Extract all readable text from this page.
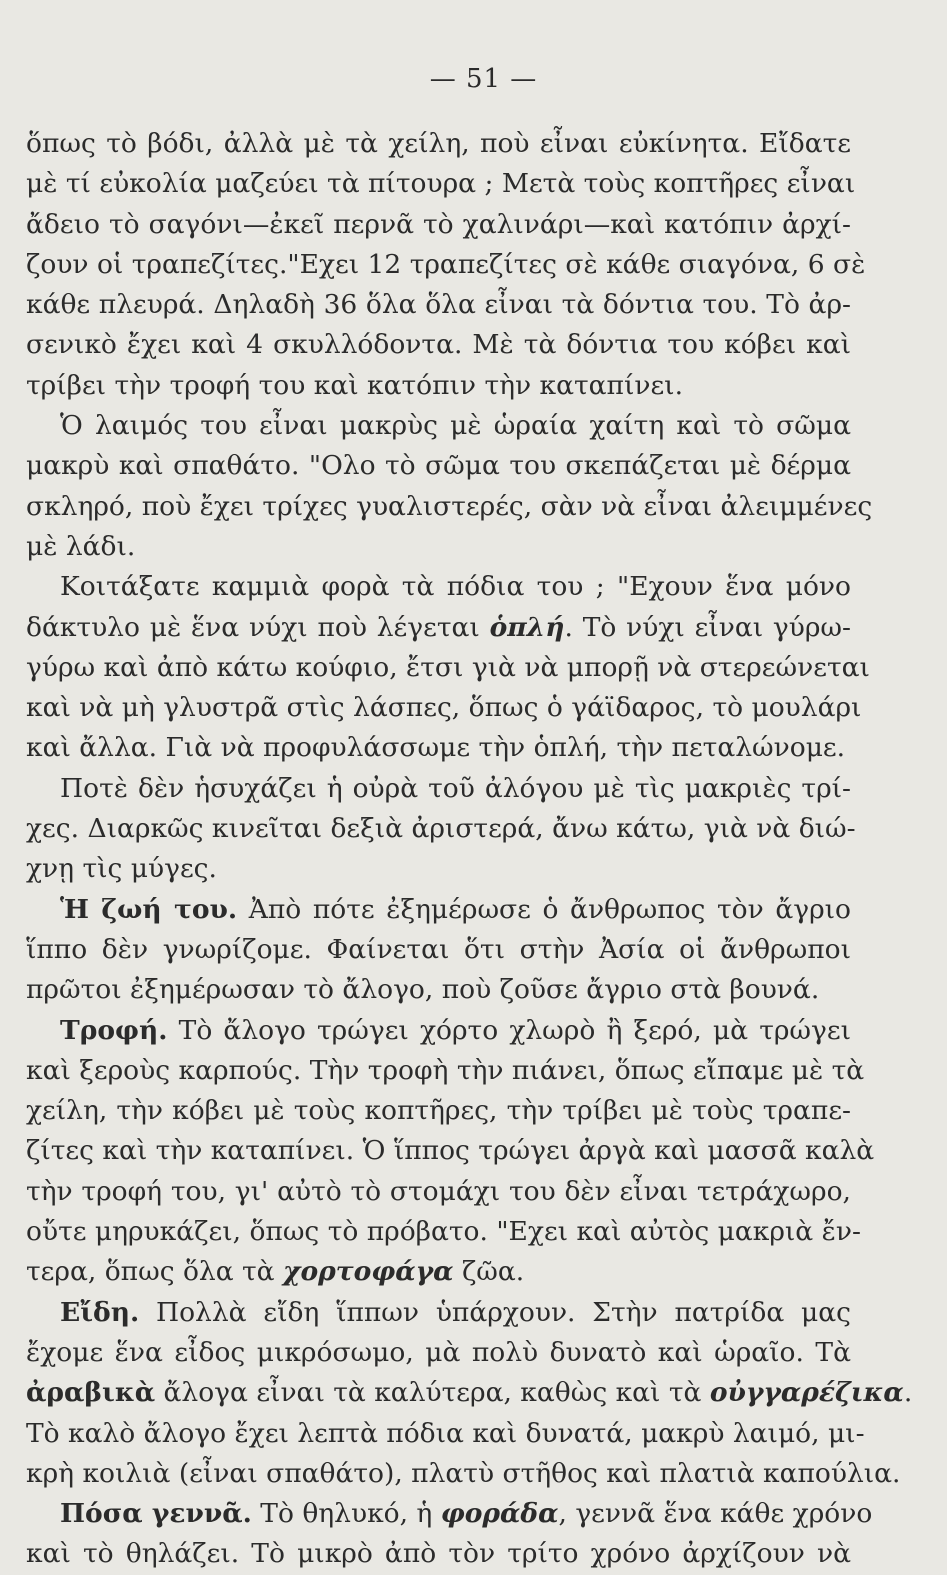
— 51 —
ὅπως τὸ βόδι, ἀλλὰ μὲ τὰ χείλη, ποὺ εἶναι εὐκίνητα. Εἴδατε
μὲ τί εὐκολία μαζεύει τὰ πίτουρα ; Μετὰ τοὺς κοπτῆρες εἶναι
ἄδειο τὸ σαγόνι—ἐκεῖ περνᾶ τὸ χαλινάρι—καὶ κατόπιν ἀρχί-
ζουν οἱ τραπεζίτες."Εχει 12 τραπεζίτες σὲ κάθε σιαγόνα, 6 σὲ
κάθε πλευρά. Δηλαδὴ 36 ὅλα ὅλα εἶναι τὰ δόντια του. Τὸ ἀρ-
σενικὸ ἔχει καὶ 4 σκυλλόδοντα. Μὲ τὰ δόντια του κόβει καὶ
τρίβει τὴν τροφή του καὶ κατόπιν τὴν καταπίνει.
Ὁ λαιμός του εἶναι μακρὺς μὲ ὡραία χαίτη καὶ τὸ σῶμα
μακρὺ καὶ σπαθάτο. "Ολο τὸ σῶμα του σκεπάζεται μὲ δέρμα
σκληρό, ποὺ ἔχει τρίχες γυαλιστερές, σὰν νὰ εἶναι ἀλειμμένες
μὲ λάδι.
Κοιτάξατε καμμιὰ φορὰ τὰ πόδια του ; "Εχουν ἕνα μόνο
δάκτυλο μὲ ἕνα νύχι ποὺ λέγεται ὁπλή. Τὸ νύχι εἶναι γύρω-
γύρω καὶ ἀπὸ κάτω κούφιο, ἔτσι γιὰ νὰ μπορῇ νὰ στερεώνεται
καὶ νὰ μὴ γλυστρᾶ στὶς λάσπες, ὅπως ὁ γάϊδαρος, τὸ μουλάρι
καὶ ἄλλα. Γιὰ νὰ προφυλάσσωμε τὴν ὁπλή, τὴν πεταλώνομε.
Ποτὲ δὲν ἡσυχάζει ἡ οὐρὰ τοῦ ἀλόγου μὲ τὶς μακριὲς τρί-
χες. Διαρκῶς κινεῖται δεξιὰ ἀριστερά, ἄνω κάτω, γιὰ νὰ διώ-
χνῃ τὶς μύγες.
Ἡ ζωή του. Ἀπὸ πότε ἐξημέρωσε ὁ ἄνθρωπος τὸν ἄγριο
ἵππο δὲν γνωρίζομε. Φαίνεται ὅτι στὴν Ἀσία οἱ ἄνθρωποι
πρῶτοι ἐξημέρωσαν τὸ ἄλογο, ποὺ ζοῦσε ἄγριο στὰ βουνά.
Τροφή. Τὸ ἄλογο τρώγει χόρτο χλωρὸ ἢ ξερό, μὰ τρώγει
καὶ ξεροὺς καρπούς. Τὴν τροφὴ τὴν πιάνει, ὅπως εἴπαμε μὲ τὰ
χείλη, τὴν κόβει μὲ τοὺς κοπτῆρες, τὴν τρίβει μὲ τοὺς τραπε-
ζίτες καὶ τὴν καταπίνει. Ὁ ἵππος τρώγει ἀργὰ καὶ μασσᾶ καλὰ
τὴν τροφή του, γι' αὐτὸ τὸ στομάχι του δὲν εἶναι τετράχωρο,
οὔτε μηρυκάζει, ὅπως τὸ πρόβατο. "Εχει καὶ αὐτὸς μακριὰ ἔν-
τερα, ὅπως ὅλα τὰ χορτοφάγα ζῶα.
Εἴδη. Πολλὰ εἴδη ἵππων ὑπάρχουν. Στὴν πατρίδα μας
ἔχομε ἕνα εἶδος μικρόσωμο, μὰ πολὺ δυνατὸ καὶ ὡραῖο. Τὰ
ἀραβικὰ ἄλογα εἶναι τὰ καλύτερα, καθὼς καὶ τὰ οὐγγαρέζικα.
Τὸ καλὸ ἄλογο ἔχει λεπτὰ πόδια καὶ δυνατά, μακρὺ λαιμό, μι-
κρὴ κοιλιὰ (εἶναι σπαθάτο), πλατὺ στῆθος καὶ πλατιὰ καπούλια.
Πόσα γεννᾶ. Τὸ θηλυκό, ἡ φοράδα, γεννᾶ ἕνα κάθε χρόνο
καὶ τὸ θηλάζει. Τὸ μικρὸ ἀπὸ τὸν τρίτο χρόνο ἀρχίζουν νὰ
